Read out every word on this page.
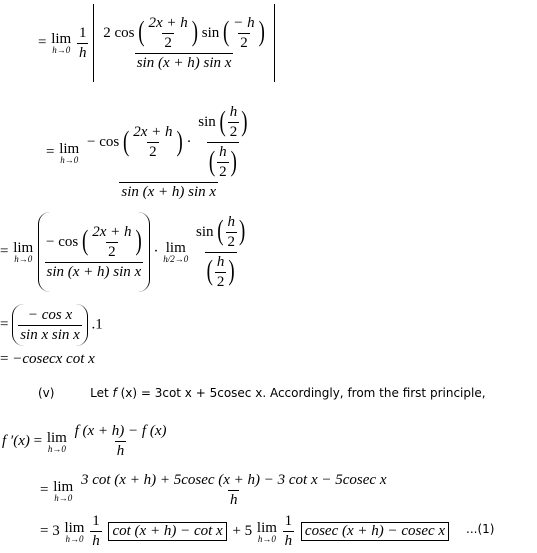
= lim
h→0
$\frac{1}{h}$
2 cos ( $\frac{2x + h}{2}$
) sin ( $\frac{- h}{2}$
)
sin (x + h) sin x
= lim
h→0
− cos ( $\frac{2x + h}{2}$
) · sin ( $\frac{h}{2}$
)
( $\frac{h}{2}$
)
sin (x + h) sin x
= lim
h→0
− cos ( $\frac{2x + h}{2}$
)
sin (x + h) sin x · lim
h/2→0
sin ( $\frac{h}{2}$
)
( $\frac{h}{2}$
)
= $\frac{\text{− cos x}}{\text{sin x sin x}} .1$
= −cosecx cot x
(v)	Let f (x) = 3cot x + 5cosec x. Accordingly, from the first principle,
f ′(x) = lim
h→0
$\frac{f (x + h) - f (x)}{h}$
= lim
h→0
$\frac{\text{3 cot (x + h) + 5cosec (x + h) − 3 cot x − 5cosec x}}{h}$
= 3 lim
h→0
$\frac{1}{h}$ cot (x + h) − cot x + 5 lim
h→0
$\frac{1}{h}$ cosec (x + h) − cosec x	...(1)
